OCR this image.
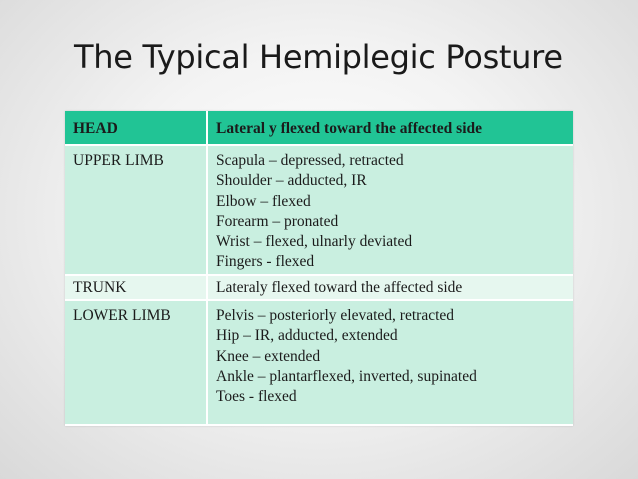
The Typical Hemiplegic Posture
HEAD	Lateral y flexed toward the affected side
UPPER LIMB	Scapula – depressed, retracted
Shoulder – adducted, IR
Elbow – flexed
Forearm – pronated
Wrist – flexed, ulnarly deviated
Fingers - flexed
TRUNK	Lateraly flexed toward the affected side
LOWER LIMB	Pelvis – posteriorly elevated, retracted
Hip – IR, adducted, extended
Knee – extended
Ankle – plantarflexed, inverted, supinated
Toes - flexed
